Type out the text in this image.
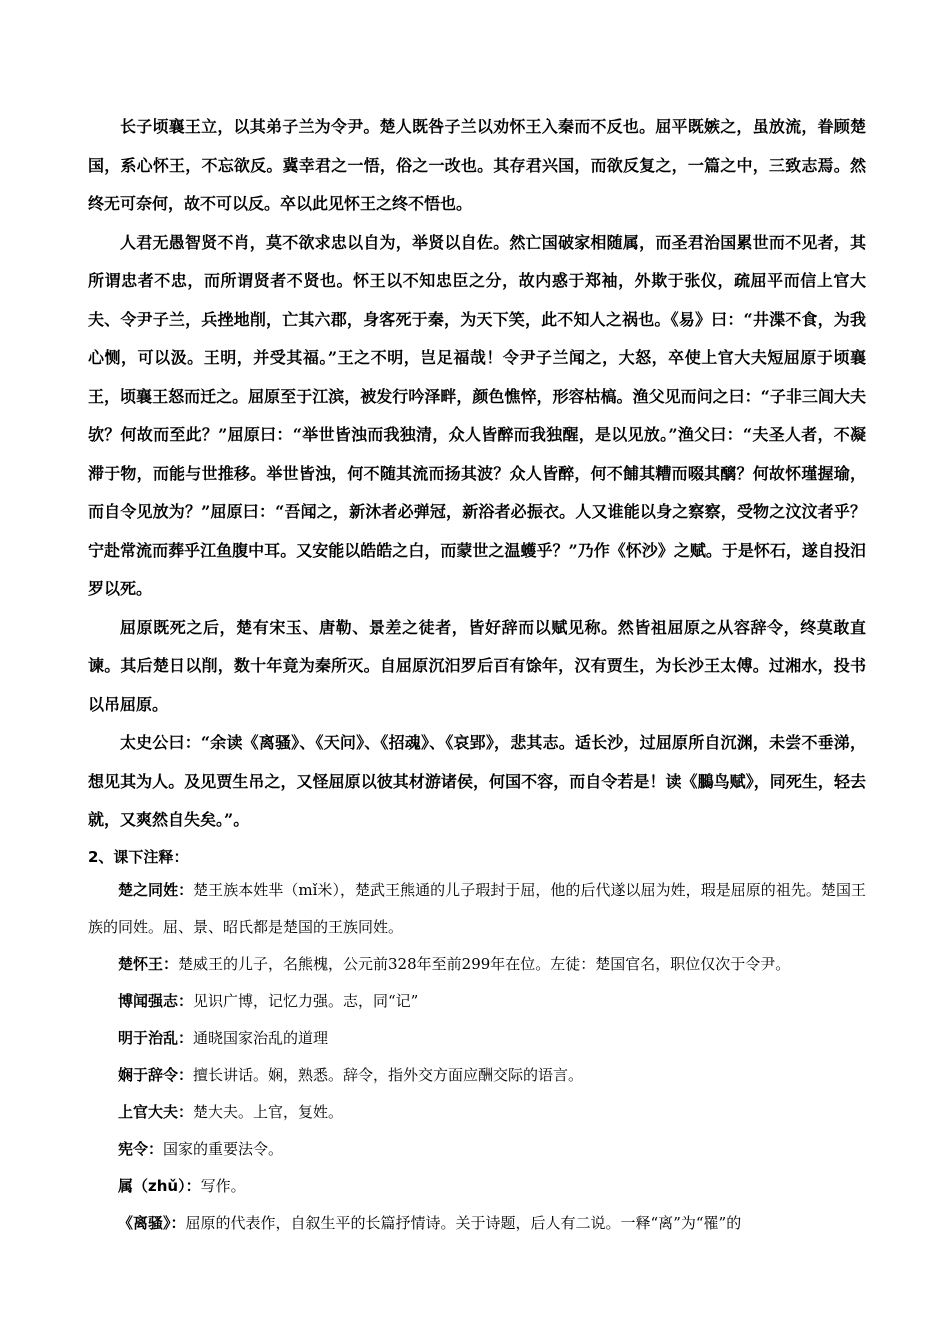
长子顷襄王立，以其弟子兰为令尹。楚人既咎子兰以劝怀王入秦而不反也。屈平既嫉之，虽放流，眷顾楚国，系心怀王，不忘欲反。冀幸君之一悟，俗之一改也。其存君兴国，而欲反复之，一篇之中，三致志焉。然终无可奈何，故不可以反。卒以此见怀王之终不悟也。

人君无愚智贤不肖，莫不欲求忠以自为，举贤以自佐。然亡国破家相随属，而圣君治国累世而不见者，其所谓忠者不忠，而所谓贤者不贤也。怀王以不知忠臣之分，故内惑于郑袖，外欺于张仪，疏屈平而信上官大夫、令尹子兰，兵挫地削，亡其六郡，身客死于秦，为天下笑，此不知人之祸也。《易》曰：“井渫不食，为我心恻，可以汲。王明，并受其福。”王之不明，岂足福哉！令尹子兰闻之，大怒，卒使上官大夫短屈原于顷襄王，顷襄王怒而迁之。屈原至于江滨，被发行吟泽畔，颜色憔悴，形容枯槁。渔父见而问之曰：“子非三闾大夫欤？何故而至此？”屈原曰：“举世皆浊而我独清，众人皆醉而我独醒，是以见放。”渔父曰：“夫圣人者，不凝滞于物，而能与世推移。举世皆浊，何不随其流而扬其波？众人皆醉，何不餔其糟而啜其醨？何故怀瑾握瑜，而自令见放为？”屈原曰：“吾闻之，新沐者必弹冠，新浴者必振衣。人又谁能以身之察察，受物之汶汶者乎？宁赴常流而葬乎江鱼腹中耳。又安能以皓皓之白，而蒙世之温蠖乎？”乃作《怀沙》之赋。于是怀石，遂自投汨罗以死。

屈原既死之后，楚有宋玉、唐勒、景差之徒者，皆好辞而以赋见称。然皆祖屈原之从容辞令，终莫敢直谏。其后楚日以削，数十年竟为秦所灭。自屈原沉汨罗后百有馀年，汉有贾生，为长沙王太傅。过湘水，投书以吊屈原。

太史公曰：“余读《离骚》、《天问》、《招魂》、《哀郢》，悲其志。适长沙，过屈原所自沉渊，未尝不垂涕，想见其为人。及见贾生吊之，又怪屈原以彼其材游诸侯，何国不容，而自令若是！读《鵩鸟赋》，同死生，轻去就，又爽然自失矣。”。

2、课下注释：

楚之同姓：楚王族本姓芈（mǐ米），楚武王熊通的儿子瑕封于屈，他的后代遂以屈为姓，瑕是屈原的祖先。楚国王族的同姓。屈、景、昭氏都是楚国的王族同姓。

楚怀王：楚威王的儿子，名熊槐，公元前328年至前299年在位。左徒：楚国官名，职位仅次于令尹。

博闻强志：见识广博，记忆力强。志，同“记”

明于治乱：通晓国家治乱的道理

娴于辞令：擅长讲话。娴，熟悉。辞令，指外交方面应酬交际的语言。

上官大夫：楚大夫。上官，复姓。

宪令：国家的重要法令。

属（zhǔ）：写作。

《离骚》：屈原的代表作，自叙生平的长篇抒情诗。关于诗题，后人有二说。一释“离”为“罹”的
